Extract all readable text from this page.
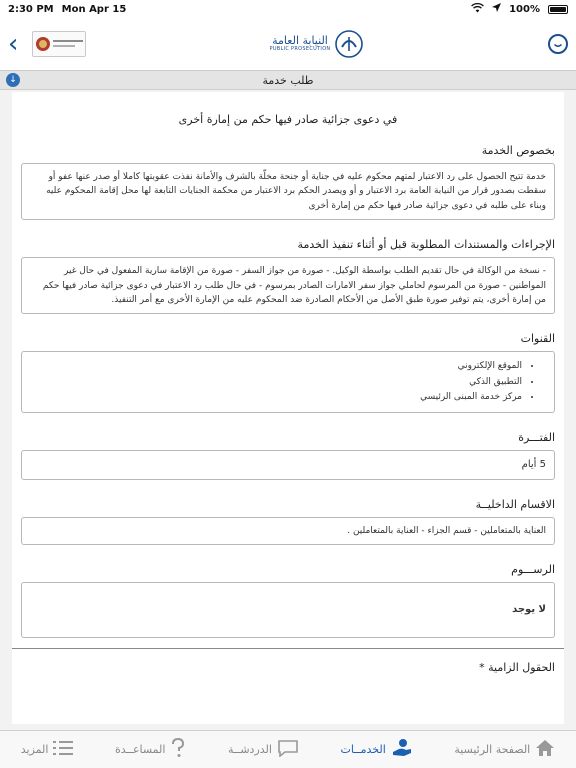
2:30 PM Mon Apr 15	100%
‹	النيابة العامة
PUBLIC PROSECUTION
↓	طلب خدمة
في دعوى جزائية صادر فيها حكم من إمارة أخرى
بخصوص الخدمة
خدمة تتيح الحصول على رد الاعتبار لمتهم محكوم عليه في جناية أو جنحة مخلّة بالشرف والأمانة نفذت عقوبتها كاملا أو صدر عنها عفو أو سقطت بصدور قرار من النيابة العامة برد الاعتبار و أو ويصدر الحكم برد الاعتبار من محكمة الجنايات التابعة لها محل إقامة المحكوم عليه وبناء على طلبه في دعوى جزائية صادر فيها حكم من إمارة أخرى
الإجراءات والمستندات المطلوبة قبل أو أثناء تنفيذ الخدمة
- نسخة من الوكالة في حال تقديم الطلب بواسطة الوكيل. - صورة من جواز السفر - صورة من الإقامة سارية المفعول في حال غير المواطنين - صورة من المرسوم لحاملي جواز سفر الامارات الصادر بمرسوم - في حال طلب رد الاعتبار في دعوى جزائية صادر فيها حكم من إمارة أخرى، يتم توفير صورة طبق الأصل من الأحكام الصادرة ضد المحكوم عليه من الإمارة الأخرى مع أمر التنفيذ.
القنوات
• الموقع الإلكتروني
• التطبيق الذكي
• مركز خدمة المبنى الرئيسي
الفتـــرة
5 أيام
الاقسام الداخليــة
العناية بالمتعاملين - قسم الجزاء - العناية بالمتعاملين .
الرســـوم
لا يوجد
الحقول الزامية *
الصفحة الرئيسية
الخدمــات
الدردشــة
المساعــدة
المزيد
